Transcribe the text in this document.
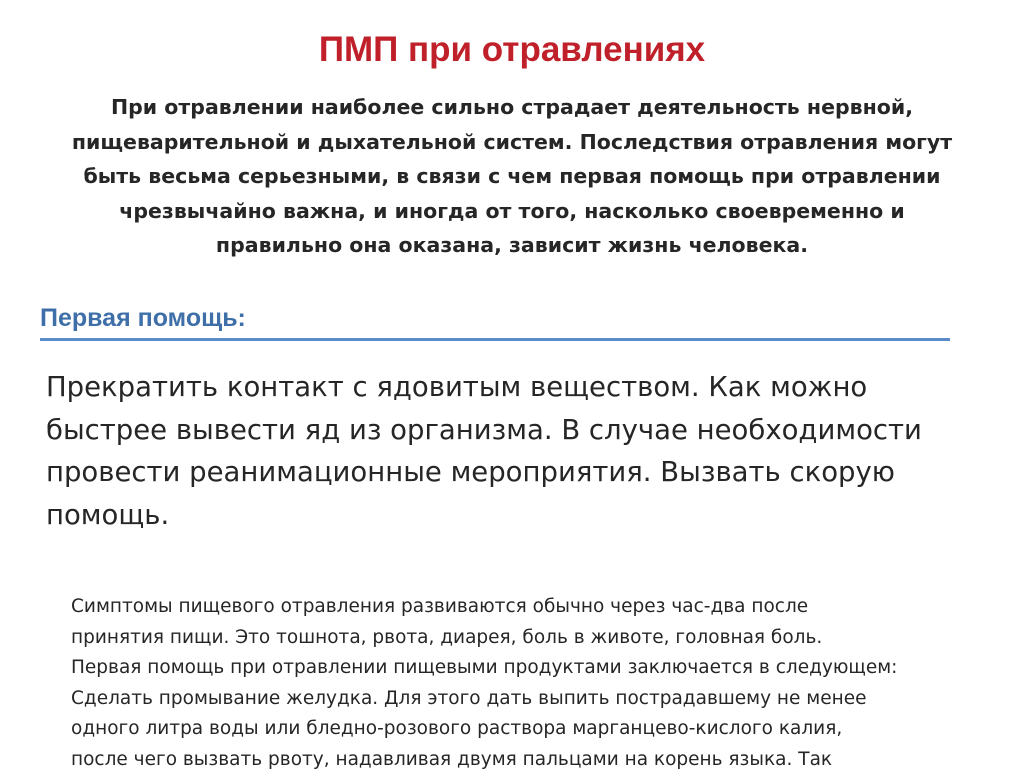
ПМП при отравлениях
При отравлении наиболее сильно страдает деятельность нервной,
пищеварительной и дыхательной систем. Последствия отравления могут
быть весьма серьезными, в связи с чем первая помощь при отравлении
чрезвычайно важна, и иногда от того, насколько своевременно и
правильно она оказана, зависит жизнь человека.
Первая помощь:
Прекратить контакт с ядовитым веществом. Как можно
быстрее вывести яд из организма. В случае необходимости
провести реанимационные мероприятия. Вызвать скорую
помощь.
Симптомы пищевого отравления развиваются обычно через час-два после
принятия пищи. Это тошнота, рвота, диарея, боль в животе, головная боль.
Первая помощь при отравлении пищевыми продуктами заключается в следующем:
Сделать промывание желудка. Для этого дать выпить пострадавшему не менее
одного литра воды или бледно-розового раствора марганцево-кислого калия,
после чего вызвать рвоту, надавливая двумя пальцами на корень языка. Так
